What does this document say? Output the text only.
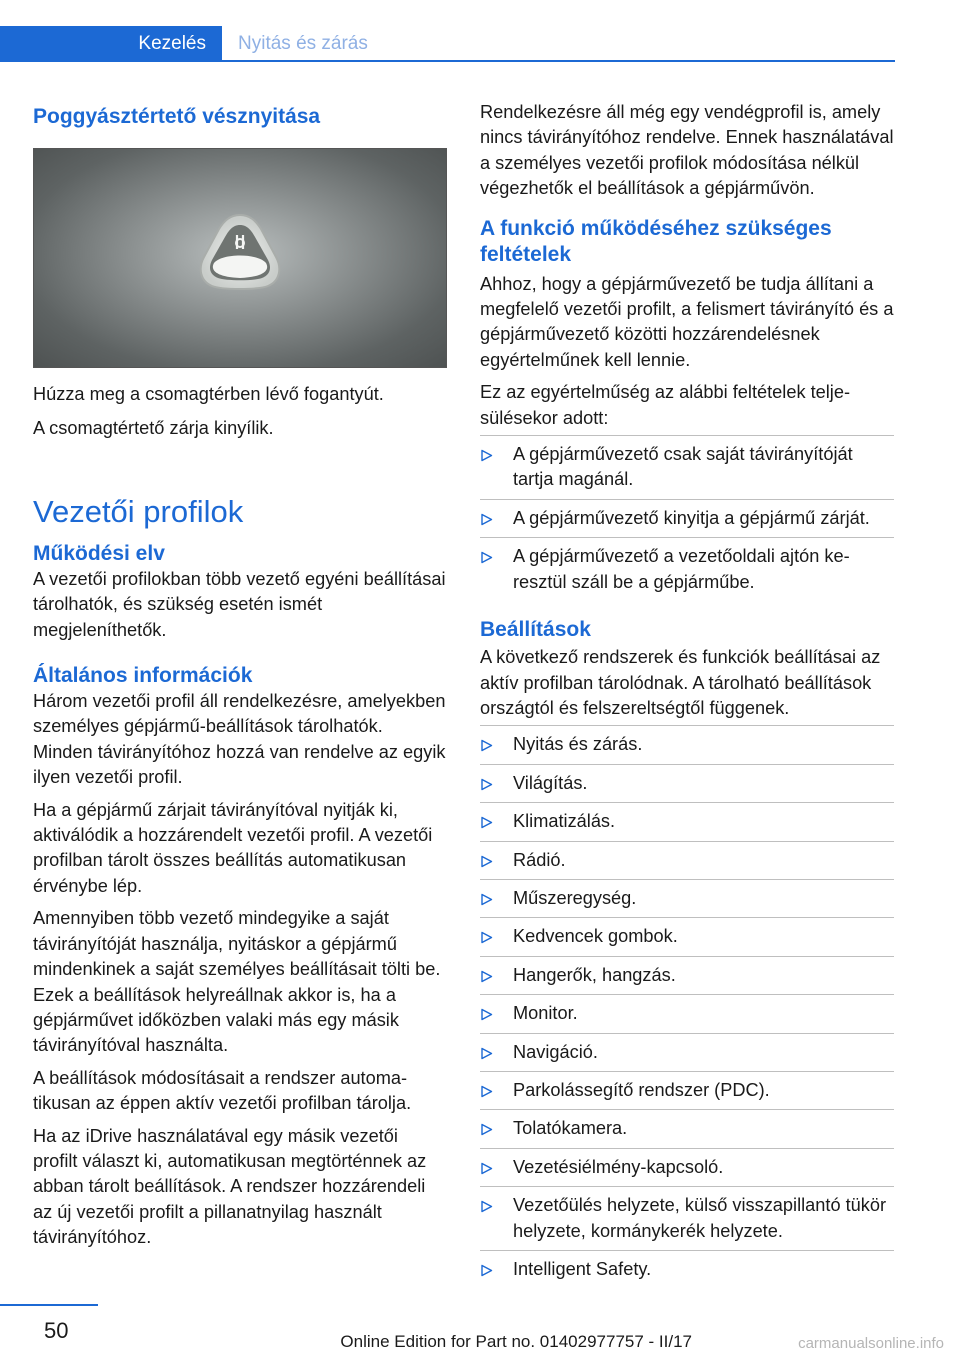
Kezelés	Nyitás és zárás
Poggyásztértető vésznyitása

Húzza meg a csomagtérben lévő fogantyút.

A csomagtértető zárja kinyílik.

Vezetői profilok
Működési elv

A vezetői profilokban több vezető egyéni beállításai tárolhatók, és szükség esetén ismét megjeleníthetők.

Általános információk

Három vezetői profil áll rendelkezésre, amelyekben személyes gépjármű-beállítások tárolhatók. Minden távirányítóhoz hozzá van rendelve az egyik ilyen vezetői profil.

Ha a gépjármű zárjait távirányítóval nyitják ki, aktiválódik a hozzárendelt vezetői profil. A vezetői profilban tárolt összes beállítás automatikusan érvénybe lép.

Amennyiben több vezető mindegyike a saját távirányítóját használja, nyitáskor a gépjármű mindenkinek a saját személyes beállításait tölti be. Ezek a beállítások helyreállnak akkor is, ha a gépjárművet időközben valaki más egy másik távirányítóval használta.

A beállítások módosításait a rendszer automatikusan az éppen aktív vezetői profilban tárolja.

Ha az iDrive használatával egy másik vezetői profilt választ ki, automatikusan megtörténnek az abban tárolt beállítások. A rendszer hozzárendeli az új vezetői profilt a pillanatnyilag használt távirányítóhoz.

Rendelkezésre áll még egy vendégprofil is, amely nincs távirányítóhoz rendelve. Ennek használatával a személyes vezetői profilok módosítása nélkül végezhetők el beállítások a gépjárművön.

A funkció működéséhez szükséges feltételek

Ahhoz, hogy a gépjárművezető be tudja állítani a megfelelő vezetői profilt, a felismert távirányító és a gépjárművezető közötti hozzárendelésnek egyértelműnek kell lennie.

Ez az egyértelműség az alábbi feltételek teljesülésekor adott:

A gépjárművezető csak saját távirányítóját tartja magánál.
A gépjárművezető kinyitja a gépjármű zárját.
A gépjárművezető a vezetőoldali ajtón keresztül száll be a gépjárműbe.
Beállítások

A következő rendszerek és funkciók beállításai az aktív profilban tárolódnak. A tárolható beállítások országtól és felszereltségtől függenek.

Nyitás és zárás.
Világítás.
Klimatizálás.
Rádió.
Műszeregység.
Kedvencek gombok.
Hangerők, hangzás.
Monitor.
Navigáció.
Parkolássegítő rendszer (PDC).
Tolatókamera.
Vezetésiélmény-kapcsoló.
Vezetőülés helyzete, külső visszapillantó tükör helyzete, kormánykerék helyzete.
Intelligent Safety.
50	Online Edition for Part no. 01402977757 - II/17	carmanualsonline.info
